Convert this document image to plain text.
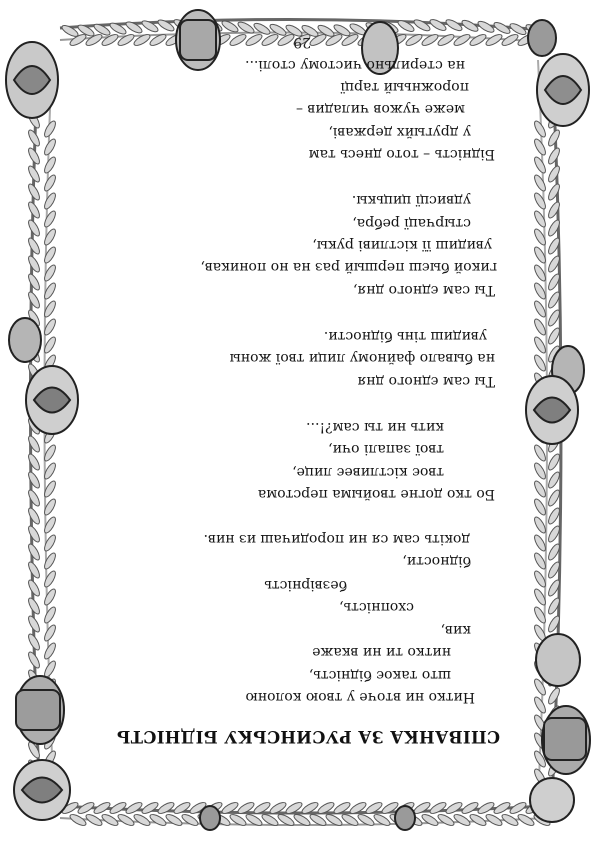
29
СПІВАНКА ЗА РУСИНСЬКУ БІДНІСТЬ
Нитко ни вточе у твою колоню
што такоє бідність,
нитко ти ни вкаже
кив,
схопність,
безвірність
бідности,
докіть сам ся ни породичаш из нив.
Бо тко догне твойыма перстома
твоє кістливеє лице,
твої запалі очи,
кить ни ты сам?!...
Ты сам єдного дня
на бывало файному лици твої жоны
увидиш тінь бідности.
Ты сам єдного дня,
гикой быєш першый раз на но поникав,
увидиш її кістливі рукы,
стырчацї ребра,
удвисцї цицькы.
Бідність – тото днесь там
у другыйх державі,
меже чужов чиладив –
порожньый тарцї
на стерильно чистому столі...
